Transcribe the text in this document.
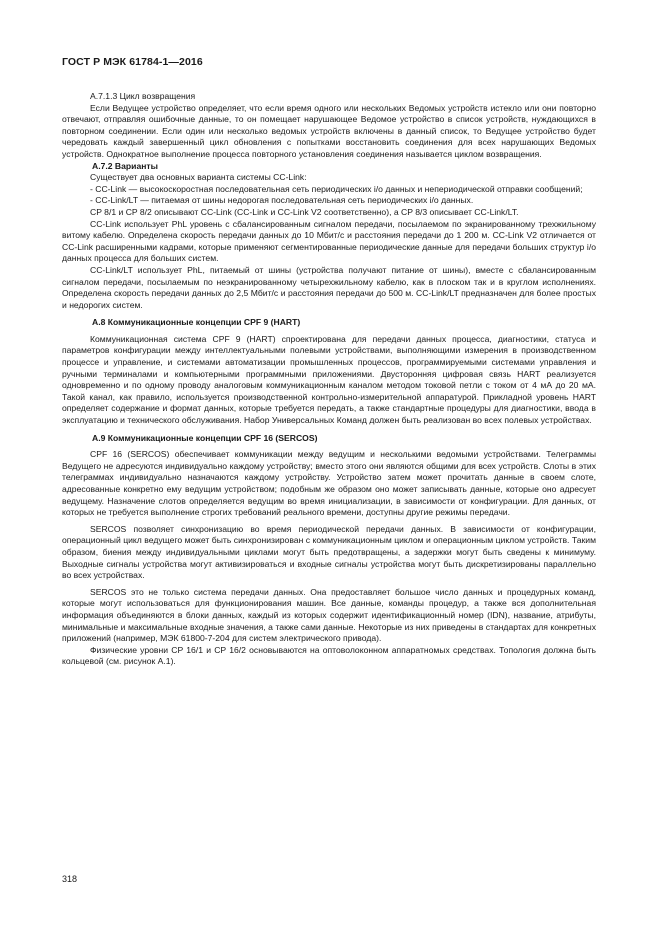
ГОСТ Р МЭК 61784-1—2016

A.7.1.3 Цикл возвращения

Если Ведущее устройство определяет, что если время одного или нескольких Ведомых устройств истекло или они повторно отвечают, отправляя ошибочные данные, то он помещает нарушающее Ведомое устройство в список устройств, нуждающихся в повторном соединении. Если один или несколько ведомых устройств включены в данный список, то Ведущее устройство будет чередовать каждый завершенный цикл обновления с попытками восстановить соединения для всех нарушающих Ведомых устройств. Однократное выполнение процесса повторного установления соединения называется циклом возвращения.

A.7.2 Варианты

Существует два основных варианта системы CC-Link:

- CC-Link — высокоскоростная последовательная сеть периодических i/o данных и непериодической отправки сообщений;

- CC-Link/LT — питаемая от шины недорогая последовательная сеть периодических i/o данных.

CP 8/1 и CP 8/2 описывают CC-Link (CC-Link и CC-Link V2 соответственно), а CP 8/3 описывает CC-Link/LT.

CC-Link использует PhL уровень с сбалансированным сигналом передачи, посылаемом по экранированному трехжильному витому кабелю. Определена скорость передачи данных до 10 Мбит/с и расстояния передачи до 1 200 м. CC-Link V2 отличается от CC-Link расширенными кадрами, которые применяют сегментированные периодические данные для передачи больших структур i/o данных процесса для больших систем.

CC-Link/LT использует PhL, питаемый от шины (устройства получают питание от шины), вместе с сбалансированным сигналом передачи, посылаемым по неэкранированному четырехжильному кабелю, как в плоском так и в круглом исполнениях. Определена скорость передачи данных до 2,5 Мбит/с и расстояния передачи до 500 м. CC-Link/LT предназначен для более простых и недорогих систем.

A.8 Коммуникационные концепции CPF 9 (HART)

Коммуникационная система CPF 9 (HART) спроектирована для передачи данных процесса, диагностики, статуса и параметров конфигурации между интеллектуальными полевыми устройствами, выполняющими измерения в производственном процессе и управление, и системами автоматизации промышленных процессов, программируемыми системами управления и ручными терминалами и компьютерными программными приложениями. Двусторонняя цифровая связь HART реализуется одновременно и по одному проводу аналоговым коммуникационным каналом методом токовой петли с током от 4 мА до 20 мА. Такой канал, как правило, используется производственной контрольно-измерительной аппаратурой. Прикладной уровень HART определяет содержание и формат данных, которые требуется передать, а также стандартные процедуры для диагностики, ввода в эксплуатацию и технического обслуживания. Набор Универсальных Команд должен быть реализован во всех полевых устройствах.

A.9 Коммуникационные концепции CPF 16 (SERCOS)

CPF 16 (SERCOS) обеспечивает коммуникации между ведущим и несколькими ведомыми устройствами. Телеграммы Ведущего не адресуются индивидуально каждому устройству; вместо этого они являются общими для всех устройств. Слоты в этих телеграммах индивидуально назначаются каждому устройству. Устройство затем может прочитать данные в своем слоте, адресованные конкретно ему ведущим устройством; подобным же образом оно может записывать данные, которые оно адресует ведущему. Назначение слотов определяется ведущим во время инициализации, в зависимости от конфигурации. Для данных, от которых не требуется выполнение строгих требований реального времени, доступны другие режимы передачи.

SERCOS позволяет синхронизацию во время периодической передачи данных. В зависимости от конфигурации, операционный цикл ведущего может быть синхронизирован с коммуникационным циклом и операционным циклом устройств. Таким образом, биения между индивидуальными циклами могут быть предотвращены, а задержки могут быть сведены к минимуму. Выходные сигналы устройства могут активизироваться и входные сигналы устройства могут быть дискретизированы параллельно во всех устройствах.

SERCOS это не только система передачи данных. Она предоставляет большое число данных и процедурных команд, которые могут использоваться для функционирования машин. Все данные, команды процедур, а также вся дополнительная информация объединяются в блоки данных, каждый из которых содержит идентификационный номер (IDN), название, атрибуты, минимальные и максимальные входные значения, а также сами данные. Некоторые из них приведены в стандартах для конкретных приложений (например, МЭК 61800-7-204 для систем электрического привода).

Физические уровни CP 16/1 и CP 16/2 основываются на оптоволоконном аппаратномых средствах. Топология должна быть кольцевой (см. рисунок A.1).

318
